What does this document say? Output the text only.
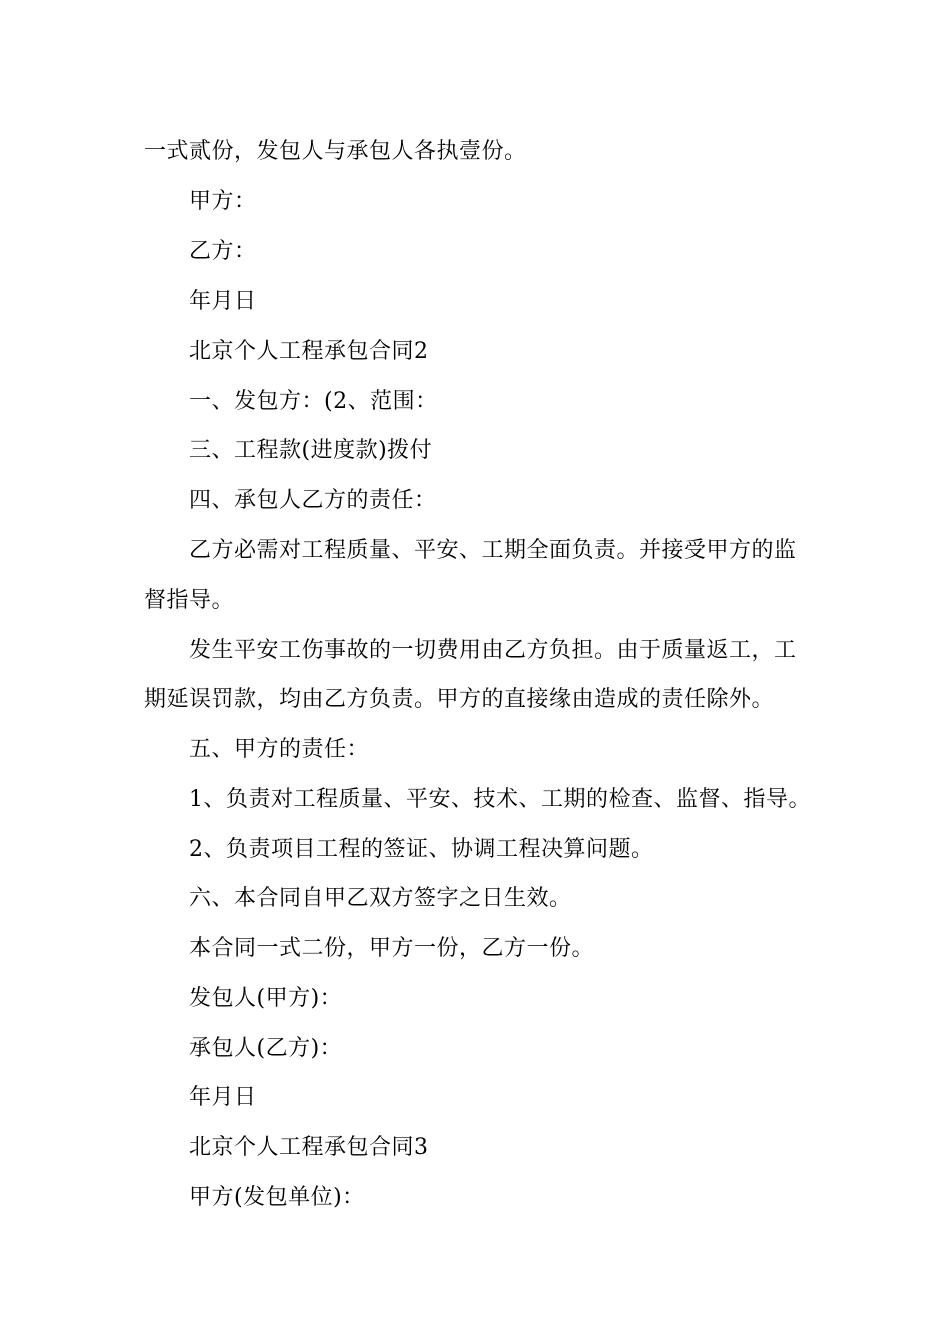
一式贰份，发包人与承包人各执壹份。
甲方：
乙方：
年月日
北京个人工程承包合同2
一、发包方：(2、范围：
三、工程款(进度款)拨付
四、承包人乙方的责任：
乙方必需对工程质量、平安、工期全面负责。并接受甲方的监
督指导。
发生平安工伤事故的一切费用由乙方负担。由于质量返工，工
期延误罚款，均由乙方负责。甲方的直接缘由造成的责任除外。
五、甲方的责任：
1、负责对工程质量、平安、技术、工期的检查、监督、指导。
2、负责项目工程的签证、协调工程决算问题。
六、本合同自甲乙双方签字之日生效。
本合同一式二份，甲方一份，乙方一份。
发包人(甲方)：
承包人(乙方)：
年月日
北京个人工程承包合同3
甲方(发包单位)：
